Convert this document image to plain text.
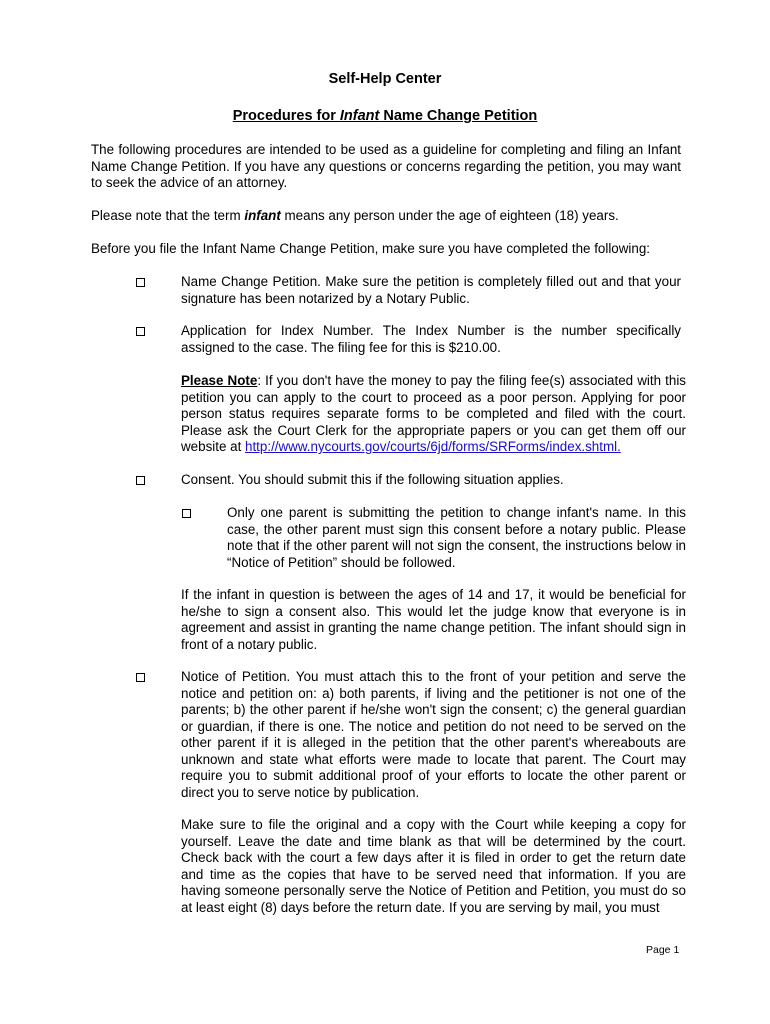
Self-Help Center
Procedures for Infant Name Change Petition
The following procedures are intended to be used as a guideline for completing and filing an Infant Name Change Petition. If you have any questions or concerns regarding the petition, you may want to seek the advice of an attorney.
Please note that the term infant means any person under the age of eighteen (18) years.
Before you file the Infant Name Change Petition, make sure you have completed the following:
Name Change Petition. Make sure the petition is completely filled out and that your signature has been notarized by a Notary Public.
Application for Index Number. The Index Number is the number specifically assigned to the case. The filing fee for this is $210.00.
Please Note: If you don't have the money to pay the filing fee(s) associated with this petition you can apply to the court to proceed as a poor person. Applying for poor person status requires separate forms to be completed and filed with the court. Please ask the Court Clerk for the appropriate papers or you can get them off our website at http://www.nycourts.gov/courts/6jd/forms/SRForms/index.shtml.
Consent. You should submit this if the following situation applies.
Only one parent is submitting the petition to change infant's name. In this case, the other parent must sign this consent before a notary public. Please note that if the other parent will not sign the consent, the instructions below in “Notice of Petition” should be followed.
If the infant in question is between the ages of 14 and 17, it would be beneficial for he/she to sign a consent also. This would let the judge know that everyone is in agreement and assist in granting the name change petition. The infant should sign in front of a notary public.
Notice of Petition. You must attach this to the front of your petition and serve the notice and petition on: a) both parents, if living and the petitioner is not one of the parents; b) the other parent if he/she won't sign the consent; c) the general guardian or guardian, if there is one. The notice and petition do not need to be served on the other parent if it is alleged in the petition that the other parent's whereabouts are unknown and state what efforts were made to locate that parent. The Court may require you to submit additional proof of your efforts to locate the other parent or direct you to serve notice by publication.
Make sure to file the original and a copy with the Court while keeping a copy for yourself. Leave the date and time blank as that will be determined by the court. Check back with the court a few days after it is filed in order to get the return date and time as the copies that have to be served need that information. If you are having someone personally serve the Notice of Petition and Petition, you must do so at least eight (8) days before the return date. If you are serving by mail, you must
Page 1
